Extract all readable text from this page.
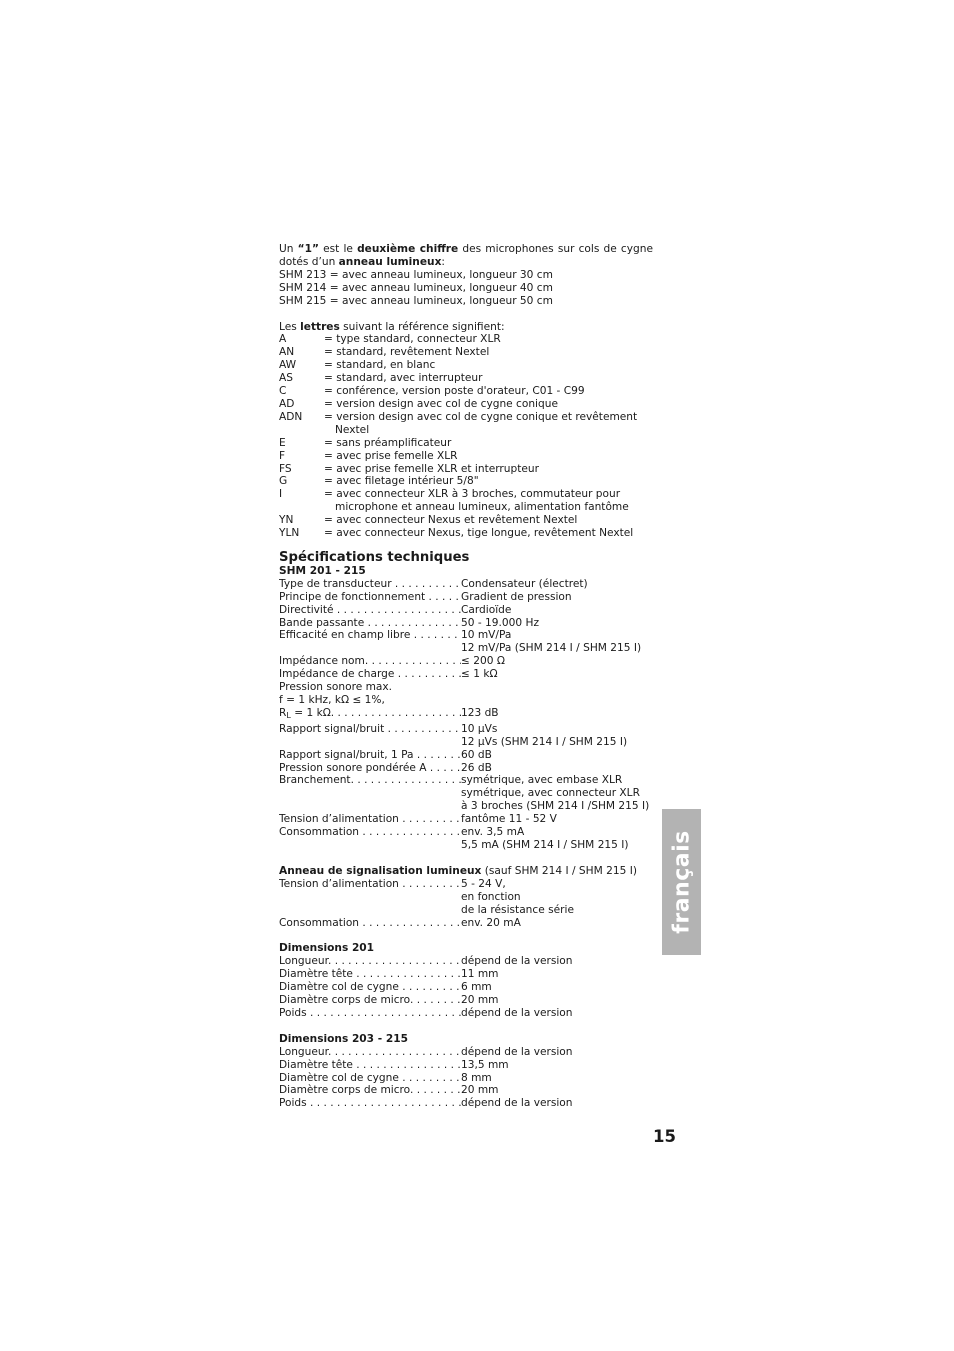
Un “1” est le deuxième chiffre des microphones sur cols de cygne

dotés d’un anneau lumineux:

SHM 213 = avec anneau lumineux, longueur 30 cm

SHM 214 = avec anneau lumineux, longueur 40 cm

SHM 215 = avec anneau lumineux, longueur 50 cm

Les lettres suivant la référence signifient:
A	= type standard, connecteur XLR
AN	= standard, revêtement Nextel
AW	= standard, en blanc
AS	= standard, avec interrupteur
C	= conférence, version poste d'orateur, C01 - C99
AD	= version design avec col de cygne conique
ADN	= version design avec col de cygne conique et revêtement Nextel
E	= sans préamplificateur
F	= avec prise femelle XLR
FS	= avec prise femelle XLR et interrupteur
G	= avec filetage intérieur 5/8"
I	= avec connecteur XLR à 3 broches, commutateur pour microphone et anneau lumineux, alimentation fantôme
YN	= avec connecteur Nexus et revêtement Nextel
YLN	= avec connecteur Nexus, tige longue, revêtement Nextel
Spécifications techniques
SHM 201 - 215
Type de transducteur . . .	Condensateur (électret)
Principe de fonctionnement . . .	Gradient de pression
Directivité . . .	Cardioïde
Bande passante . . .	50 - 19.000 Hz
Efficacité en champ libre . . .	10 mV/Pa
12 mV/Pa (SHM 214 I / SHM 215 I)
Impédance nom. . . .	≤ 200 Ω
Impédance de charge . . .	≤ 1 kΩ
Pression sonore max.
f = 1 kHz, kΩ ≤ 1%,
$R_L = 1$ kΩ. . . .	123 dB
Rapport signal/bruit . . .	10 µVs
12 µVs (SHM 214 I / SHM 215 I)
Rapport signal/bruit, 1 Pa . . .	60 dB
Pression sonore pondérée A . . .	26 dB
Branchement. . . .	symétrique, avec embase XLR
symétrique, avec connecteur XLR
à 3 broches (SHM 214 I /SHM 215 I)
Tension d’alimentation . . .	fantôme 11 - 52 V
Consommation . . .	env. 3,5 mA
5,5 mA (SHM 214 I / SHM 215 I)
Anneau de signalisation lumineux (sauf SHM 214 I / SHM 215 I)
Tension d’alimentation . . .	5 - 24 V,
en fonction
de la résistance série
Consommation . . .	env. 20 mA
Dimensions 201
Longueur. . . .	dépend de la version
Diamètre tête . . .	11 mm
Diamètre col de cygne . . .	6 mm
Diamètre corps de micro. . . .	20 mm
Poids . . .	dépend de la version
Dimensions 203 - 215
Longueur. . . .	dépend de la version
Diamètre tête . . .	13,5 mm
Diamètre col de cygne . . .	8 mm
Diamètre corps de micro. . . .	20 mm
Poids . . .	dépend de la version
français
15
